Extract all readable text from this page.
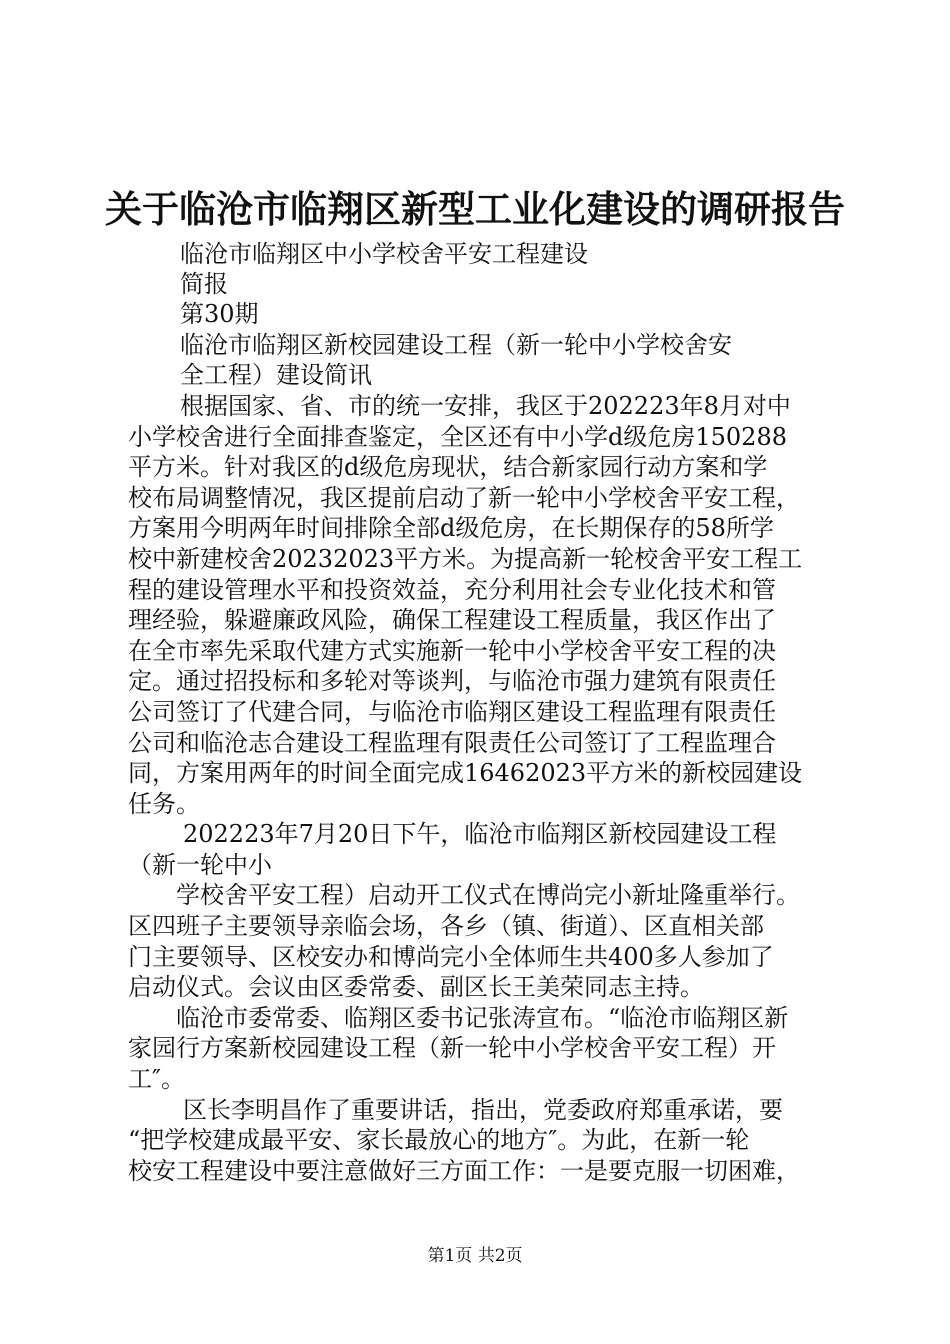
关于临沧市临翔区新型工业化建设的调研报告

临沧市临翔区中小学校舍平安工程建设

简报

第30期

临沧市临翔区新校园建设工程（新一轮中小学校舍安

全工程）建设简讯

根据国家、省、市的统一安排，我区于202223年8月对中

小学校舍进行全面排查鉴定，全区还有中小学d级危房150288

平方米。针对我区的d级危房现状，结合新家园行动方案和学

校布局调整情况，我区提前启动了新一轮中小学校舍平安工程，

方案用今明两年时间排除全部d级危房，在长期保存的58所学

校中新建校舍20232023平方米。为提高新一轮校舍平安工程工

程的建设管理水平和投资效益，充分利用社会专业化技术和管

理经验，躲避廉政风险，确保工程建设工程质量，我区作出了

在全市率先采取代建方式实施新一轮中小学校舍平安工程的决

定。通过招投标和多轮对等谈判，与临沧市强力建筑有限责任

公司签订了代建合同，与临沧市临翔区建设工程监理有限责任

公司和临沧志合建设工程监理有限责任公司签订了工程监理合

同，方案用两年的时间全面完成16462023平方米的新校园建设

任务。

202223年7月20日下午，临沧市临翔区新校园建设工程

（新一轮中小

学校舍平安工程）启动开工仪式在博尚完小新址隆重举行。

区四班子主要领导亲临会场，各乡（镇、街道）、区直相关部

门主要领导、区校安办和博尚完小全体师生共400多人参加了

启动仪式。会议由区委常委、副区长王美荣同志主持。

临沧市委常委、临翔区委书记张涛宣布。“临沧市临翔区新

家园行方案新校园建设工程（新一轮中小学校舍平安工程）开

工″。

区长李明昌作了重要讲话，指出，党委政府郑重承诺，要

“把学校建成最平安、家长最放心的地方″。为此，在新一轮

校安工程建设中要注意做好三方面工作：一是要克服一切困难，

第1页 共2页
